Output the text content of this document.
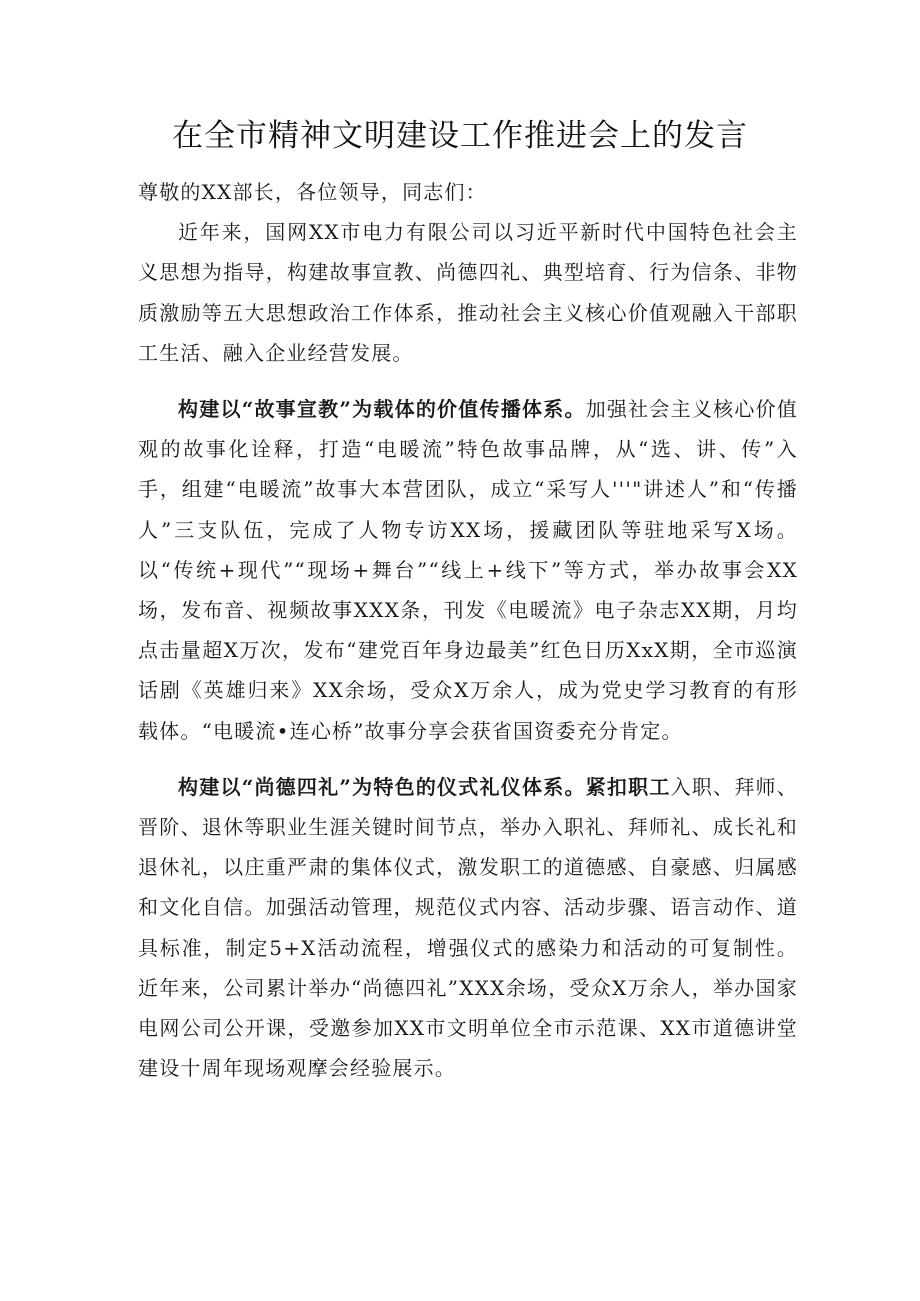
在全市精神文明建设工作推进会上的发言

尊敬的XX部长，各位领导，同志们：

近年来，国网XX市电力有限公司以习近平新时代中国特色社会主义思想为指导，构建故事宣教、尚德四礼、典型培育、行为信条、非物质激励等五大思想政治工作体系，推动社会主义核心价值观融入干部职工生活、融入企业经营发展。

构建以“故事宣教”为载体的价值传播体系。加强社会主义核心价值观的故事化诠释，打造“电暖流”特色故事品牌，从“选、讲、传”入手，组建“电暖流”故事大本营团队，成立“采写人'''"讲述人”和“传播人”三支队伍，完成了人物专访XX场，援藏团队等驻地采写X场。以“传统+现代”“现场+舞台”“线上+线下”等方式，举办故事会XX场，发布音、视频故事XXX条，刊发《电暖流》电子杂志XX期，月均点击量超X万次，发布“建党百年身边最美”红色日历XxX期，全市巡演话剧《英雄归来》XX余场，受众X万余人，成为党史学习教育的有形载体。“电暖流•连心桥”故事分享会获省国资委充分肯定。

构建以“尚德四礼”为特色的仪式礼仪体系。紧扣职工入职、拜师、晋阶、退休等职业生涯关键时间节点，举办入职礼、拜师礼、成长礼和退休礼，以庄重严肃的集体仪式，激发职工的道德感、自豪感、归属感和文化自信。加强活动管理，规范仪式内容、活动步骤、语言动作、道具标准，制定5+X活动流程，增强仪式的感染力和活动的可复制性。近年来，公司累计举办“尚德四礼”XXX余场，受众X万余人，举办国家电网公司公开课，受邀参加XX市文明单位全市示范课、XX市道德讲堂建设十周年现场观摩会经验展示。
